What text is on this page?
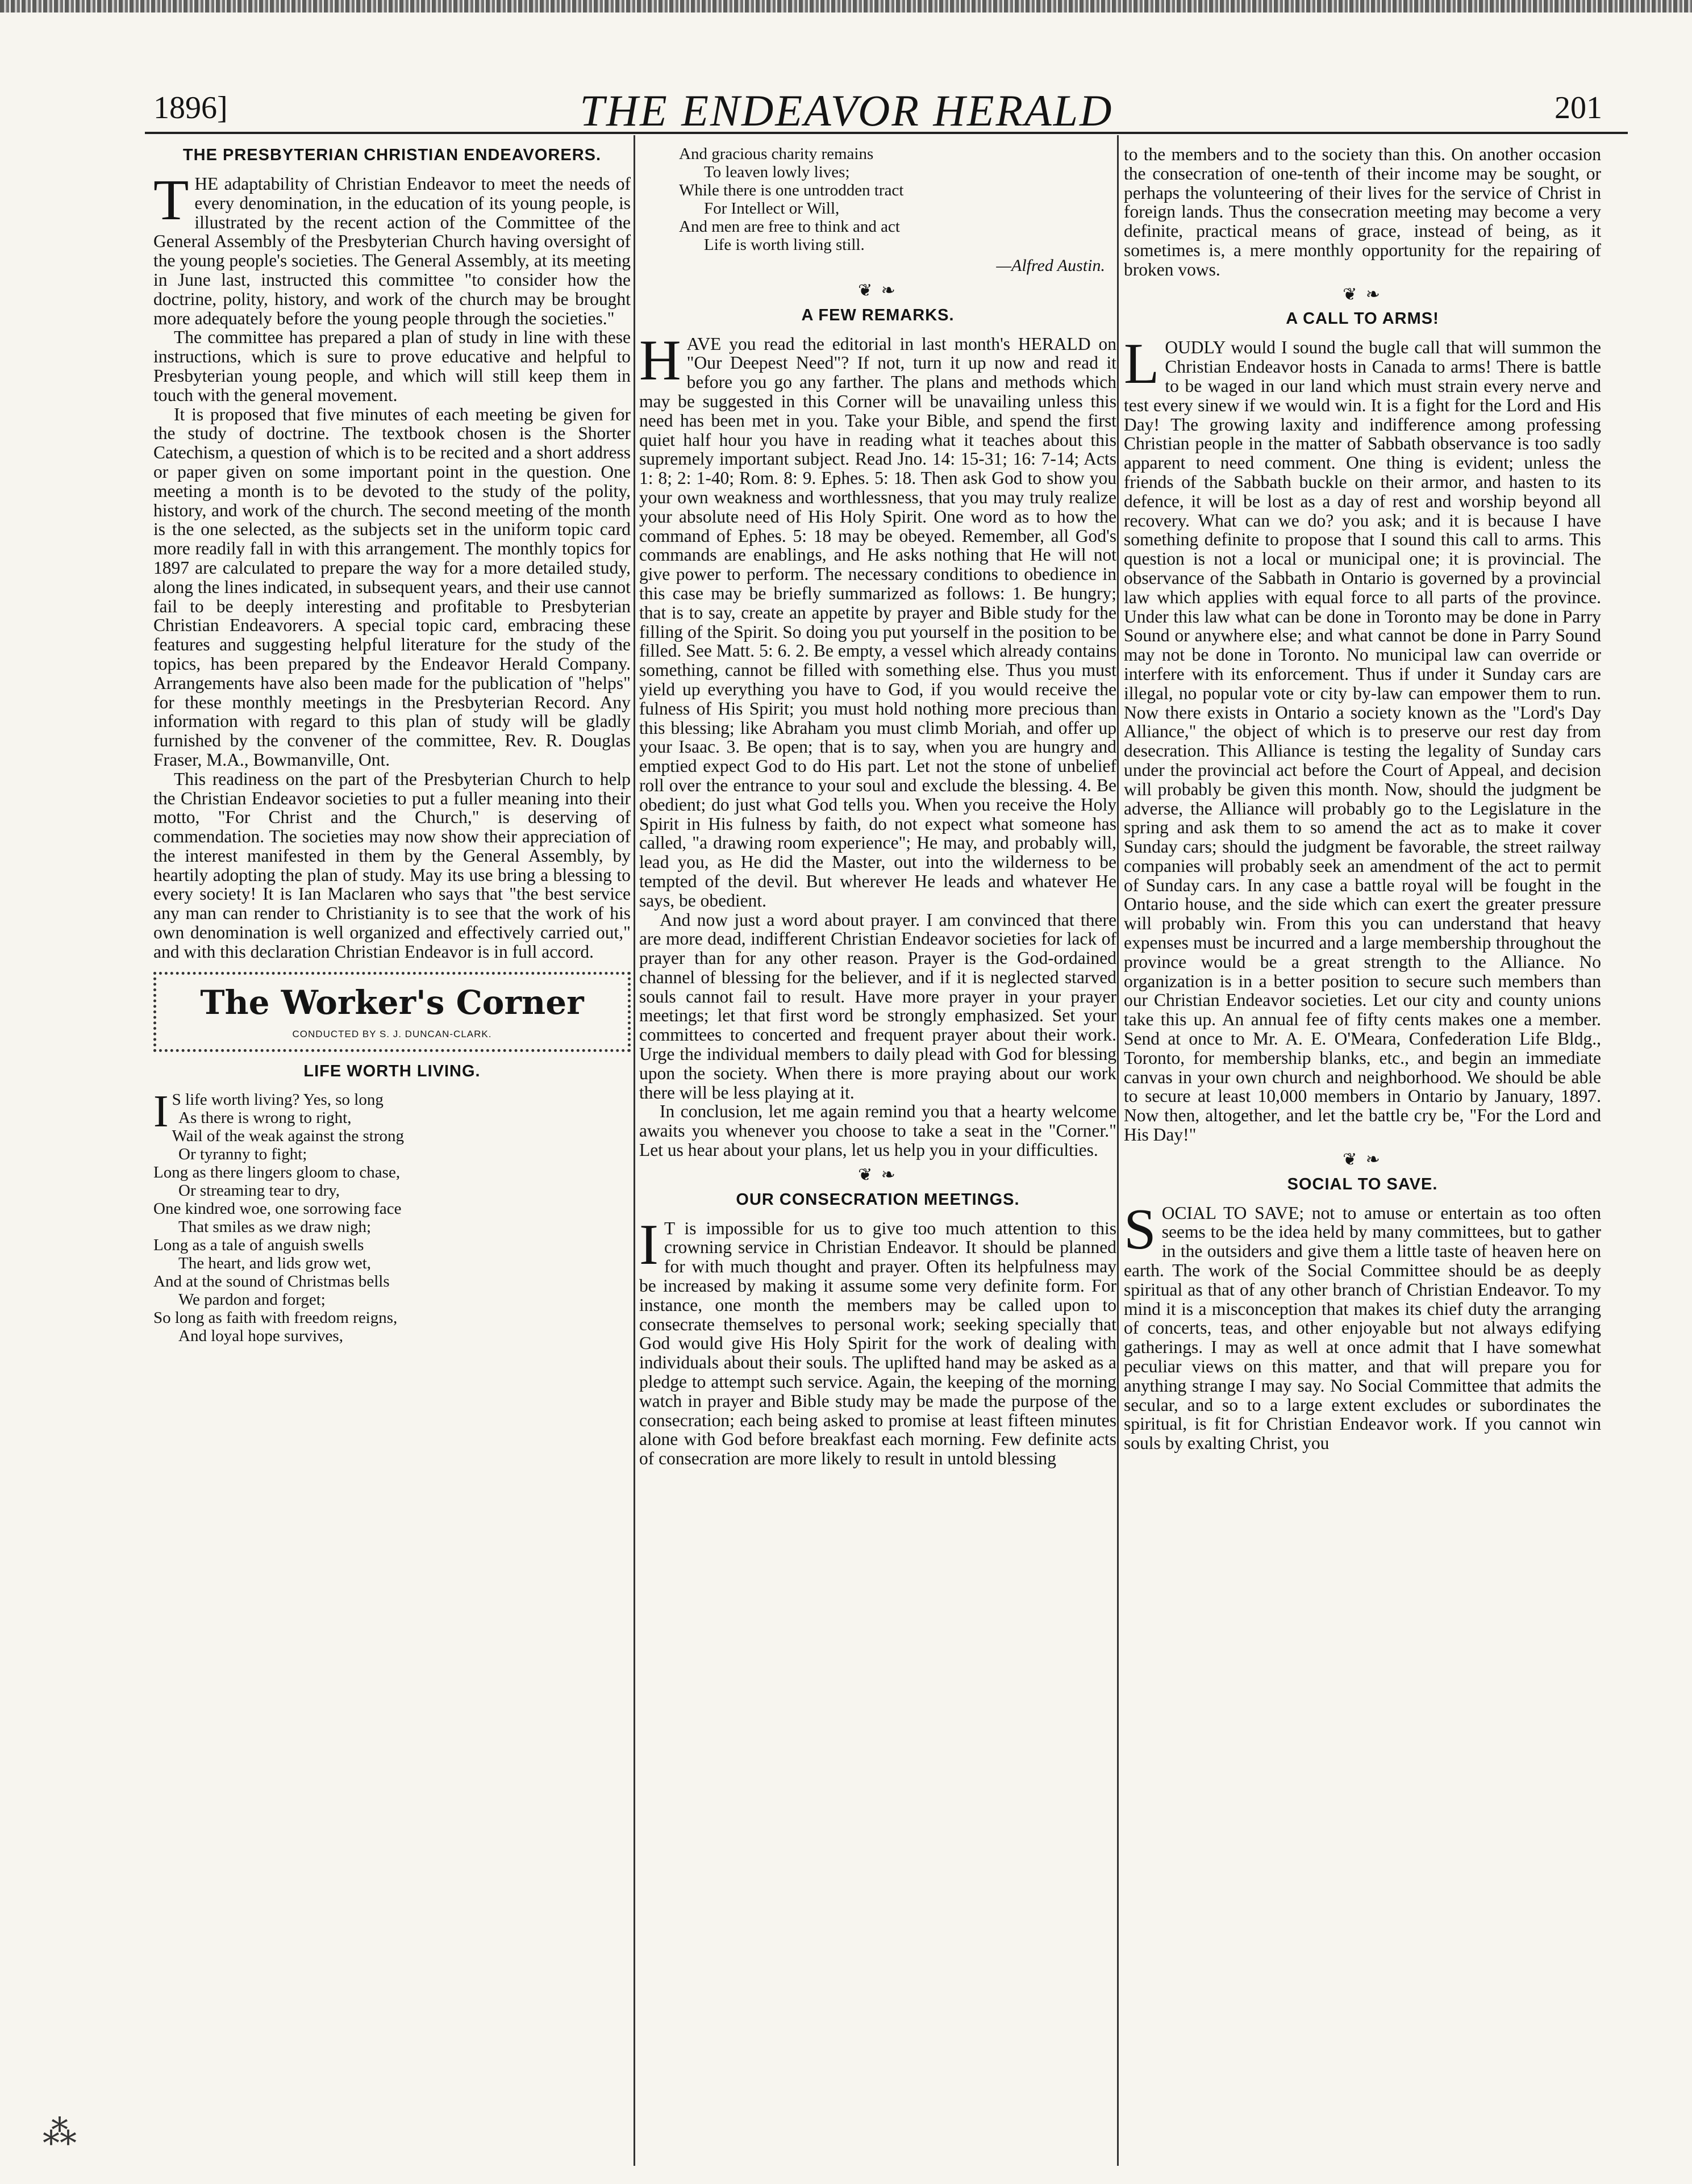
1896]	THE ENDEAVOR HERALD	201
THE PRESBYTERIAN CHRISTIAN ENDEAVORERS.

THE adaptability of Christian Endeavor to meet the needs of every denomination, in the education of its young people, is illustrated by the recent action of the Committee of the General Assembly of the Presbyterian Church having oversight of the young people's societies. The General Assembly, at its meeting in June last, instructed this committee "to consider how the doctrine, polity, history, and work of the church may be brought more adequately before the young people through the societies."

The committee has prepared a plan of study in line with these instructions, which is sure to prove educative and helpful to Presbyterian young people, and which will still keep them in touch with the general movement.

It is proposed that five minutes of each meeting be given for the study of doctrine. The textbook chosen is the Shorter Catechism, a question of which is to be recited and a short address or paper given on some important point in the question. One meeting a month is to be devoted to the study of the polity, history, and work of the church. The second meeting of the month is the one selected, as the subjects set in the uniform topic card more readily fall in with this arrangement. The monthly topics for 1897 are calculated to prepare the way for a more detailed study, along the lines indicated, in subsequent years, and their use cannot fail to be deeply interesting and profitable to Presbyterian Christian Endeavorers. A special topic card, embracing these features and suggesting helpful literature for the study of the topics, has been prepared by the Endeavor Herald Company. Arrangements have also been made for the publication of "helps" for these monthly meetings in the Presbyterian Record. Any information with regard to this plan of study will be gladly furnished by the convener of the committee, Rev. R. Douglas Fraser, M.A., Bowmanville, Ont.

This readiness on the part of the Presbyterian Church to help the Christian Endeavor societies to put a fuller meaning into their motto, "For Christ and the Church," is deserving of commendation. The societies may now show their appreciation of the interest manifested in them by the General Assembly, by heartily adopting the plan of study. May its use bring a blessing to every society! It is Ian Maclaren who says that "the best service any man can render to Christianity is to see that the work of his own denomination is well organized and effectively carried out," and with this declaration Christian Endeavor is in full accord.

The Worker's Corner
CONDUCTED BY S. J. DUNCAN-CLARK.
LIFE WORTH LIVING.
I S life worth living? Yes, so long
As there is wrong to right,
Wail of the weak against the strong
Or tyranny to fight;
Long as there lingers gloom to chase,
Or streaming tear to dry,
One kindred woe, one sorrowing face
That smiles as we draw nigh;
Long as a tale of anguish swells
The heart, and lids grow wet,
And at the sound of Christmas bells
We pardon and forget;
So long as faith with freedom reigns,
And loyal hope survives,
And gracious charity remains
To leaven lowly lives;
While there is one untrodden tract
For Intellect or Will,
And men are free to think and act
Life is worth living still.
—Alfred Austin.
❦ ❧
A FEW REMARKS.

HAVE you read the editorial in last month's HERALD on "Our Deepest Need"? If not, turn it up now and read it before you go any farther. The plans and methods which may be suggested in this Corner will be unavailing unless this need has been met in you. Take your Bible, and spend the first quiet half hour you have in reading what it teaches about this supremely important subject. Read Jno. 14: 15-31; 16: 7-14; Acts 1: 8; 2: 1-40; Rom. 8: 9. Ephes. 5: 18. Then ask God to show you your own weakness and worthlessness, that you may truly realize your absolute need of His Holy Spirit. One word as to how the command of Ephes. 5: 18 may be obeyed. Remember, all God's commands are enablings, and He asks nothing that He will not give power to perform. The necessary conditions to obedience in this case may be briefly summarized as follows: 1. Be hungry; that is to say, create an appetite by prayer and Bible study for the filling of the Spirit. So doing you put yourself in the position to be filled. See Matt. 5: 6. 2. Be empty, a vessel which already contains something, cannot be filled with something else. Thus you must yield up everything you have to God, if you would receive the fulness of His Spirit; you must hold nothing more precious than this blessing; like Abraham you must climb Moriah, and offer up your Isaac. 3. Be open; that is to say, when you are hungry and emptied expect God to do His part. Let not the stone of unbelief roll over the entrance to your soul and exclude the blessing. 4. Be obedient; do just what God tells you. When you receive the Holy Spirit in His fulness by faith, do not expect what someone has called, "a drawing room experience"; He may, and probably will, lead you, as He did the Master, out into the wilderness to be tempted of the devil. But wherever He leads and whatever He says, be obedient.

And now just a word about prayer. I am convinced that there are more dead, indifferent Christian Endeavor societies for lack of prayer than for any other reason. Prayer is the God-ordained channel of blessing for the believer, and if it is neglected starved souls cannot fail to result. Have more prayer in your prayer meetings; let that first word be strongly emphasized. Set your committees to concerted and frequent prayer about their work. Urge the individual members to daily plead with God for blessing upon the society. When there is more praying about our work there will be less playing at it.

In conclusion, let me again remind you that a hearty welcome awaits you whenever you choose to take a seat in the "Corner." Let us hear about your plans, let us help you in your difficulties.

❦ ❧
OUR CONSECRATION MEETINGS.

I T is impossible for us to give too much attention to this crowning service in Christian Endeavor. It should be planned for with much thought and prayer. Often its helpfulness may be increased by making it assume some very definite form. For instance, one month the members may be called upon to consecrate themselves to personal work; seeking specially that God would give His Holy Spirit for the work of dealing with individuals about their souls. The uplifted hand may be asked as a pledge to attempt such service. Again, the keeping of the morning watch in prayer and Bible study may be made the purpose of the consecration; each being asked to promise at least fifteen minutes alone with God before breakfast each morning. Few definite acts of consecration are more likely to result in untold blessing

to the members and to the society than this. On another occasion the consecration of one-tenth of their income may be sought, or perhaps the volunteering of their lives for the service of Christ in foreign lands. Thus the consecration meeting may become a very definite, practical means of grace, instead of being, as it sometimes is, a mere monthly opportunity for the repairing of broken vows.

❦ ❧
A CALL TO ARMS!

LOUDLY would I sound the bugle call that will summon the Christian Endeavor hosts in Canada to arms! There is battle to be waged in our land which must strain every nerve and test every sinew if we would win. It is a fight for the Lord and His Day! The growing laxity and indifference among professing Christian people in the matter of Sabbath observance is too sadly apparent to need comment. One thing is evident; unless the friends of the Sabbath buckle on their armor, and hasten to its defence, it will be lost as a day of rest and worship beyond all recovery. What can we do? you ask; and it is because I have something definite to propose that I sound this call to arms. This question is not a local or municipal one; it is provincial. The observance of the Sabbath in Ontario is governed by a provincial law which applies with equal force to all parts of the province. Under this law what can be done in Toronto may be done in Parry Sound or anywhere else; and what cannot be done in Parry Sound may not be done in Toronto. No municipal law can override or interfere with its enforcement. Thus if under it Sunday cars are illegal, no popular vote or city by-law can empower them to run. Now there exists in Ontario a society known as the "Lord's Day Alliance," the object of which is to preserve our rest day from desecration. This Alliance is testing the legality of Sunday cars under the provincial act before the Court of Appeal, and decision will probably be given this month. Now, should the judgment be adverse, the Alliance will probably go to the Legislature in the spring and ask them to so amend the act as to make it cover Sunday cars; should the judgment be favorable, the street railway companies will probably seek an amendment of the act to permit of Sunday cars. In any case a battle royal will be fought in the Ontario house, and the side which can exert the greater pressure will probably win. From this you can understand that heavy expenses must be incurred and a large membership throughout the province would be a great strength to the Alliance. No organization is in a better position to secure such members than our Christian Endeavor societies. Let our city and county unions take this up. An annual fee of fifty cents makes one a member. Send at once to Mr. A. E. O'Meara, Confederation Life Bldg., Toronto, for membership blanks, etc., and begin an immediate canvas in your own church and neighborhood. We should be able to secure at least 10,000 members in Ontario by January, 1897. Now then, altogether, and let the battle cry be, "For the Lord and His Day!"

❦ ❧
SOCIAL TO SAVE.

SOCIAL TO SAVE; not to amuse or entertain as too often seems to be the idea held by many committees, but to gather in the outsiders and give them a little taste of heaven here on earth. The work of the Social Committee should be as deeply spiritual as that of any other branch of Christian Endeavor. To my mind it is a misconception that makes its chief duty the arranging of concerts, teas, and other enjoyable but not always edifying gatherings. I may as well at once admit that I have somewhat peculiar views on this matter, and that will prepare you for anything strange I may say. No Social Committee that admits the secular, and so to a large extent excludes or subordinates the spiritual, is fit for Christian Endeavor work. If you cannot win souls by exalting Christ, you

⁂
